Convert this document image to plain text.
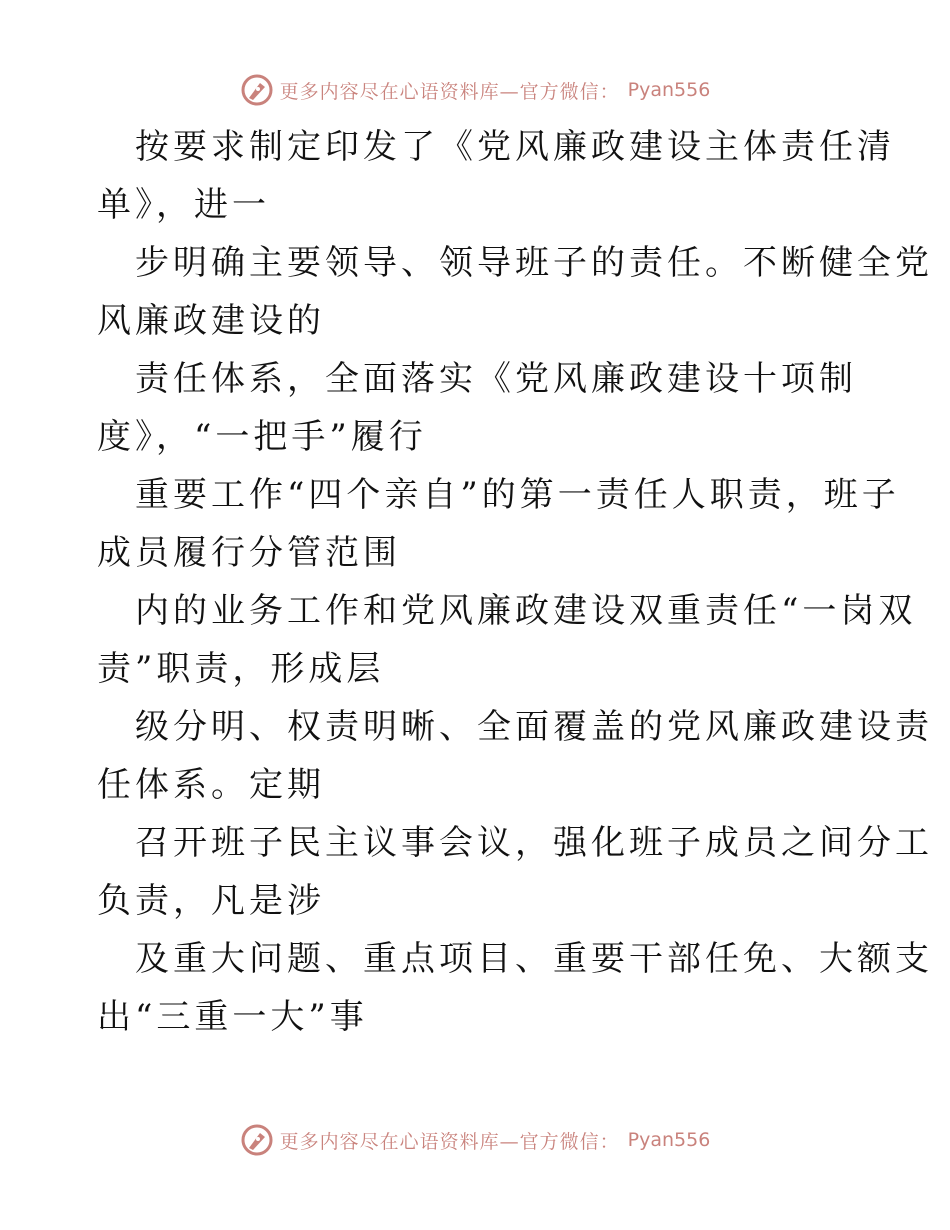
更多内容尽在心语资料库—官方微信： Pyan556
按要求制定印发了《党风廉政建设主体责任清
单》，进一
步明确主要领导、领导班子的责任。不断健全党
风廉政建设的
责任体系，全面落实《党风廉政建设十项制
度》，“一把手”履行
重要工作“四个亲自”的第一责任人职责，班子
成员履行分管范围
内的业务工作和党风廉政建设双重责任“一岗双
责”职责，形成层
级分明、权责明晰、全面覆盖的党风廉政建设责
任体系。定期
召开班子民主议事会议，强化班子成员之间分工
负责，凡是涉
及重大问题、重点项目、重要干部任免、大额支
出“三重一大”事
更多内容尽在心语资料库—官方微信： Pyan556
